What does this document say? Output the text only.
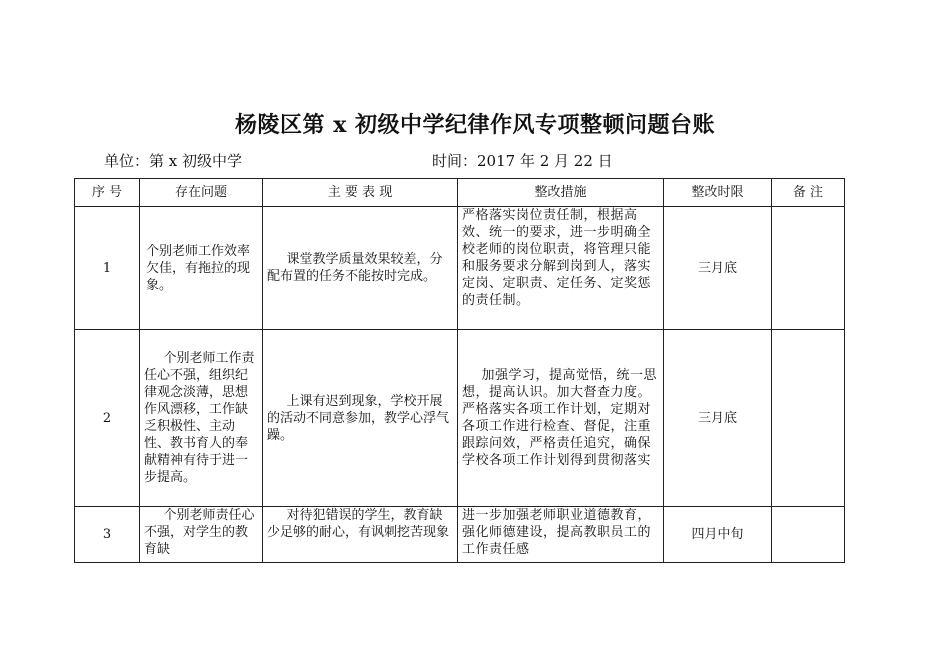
杨陵区第 x 初级中学纪律作风专项整顿问题台账
单位：第 x 初级中学	时间：2017 年 2 月 22 日
序 号	存在问题	主 要 表 现	整改措施	整改时限	备 注
1	个别老师工作效率欠佳，有拖拉的现象。	课堂教学质量效果较差，分配布置的任务不能按时完成。	严格落实岗位责任制，根据高效、统一的要求，进一步明确全校老师的岗位职责，将管理只能和服务要求分解到岗到人，落实定岗、定职责、定任务、定奖惩的责任制。	三月底	
2	个别老师工作责任心不强，组织纪律观念淡薄，思想作风漂移，工作缺乏积极性、主动性、教书育人的奉献精神有待于进一步提高。	上课有迟到现象，学校开展的活动不同意参加，教学心浮气躁。	加强学习，提高觉悟，统一思想，提高认识。加大督查力度。严格落实各项工作计划，定期对各项工作进行检查、督促，注重跟踪问效，严格责任追究，确保学校各项工作计划得到贯彻落实	三月底	
3	个别老师责任心不强，对学生的教育缺	对待犯错误的学生，教育缺少足够的耐心，有讽刺挖苦现象	进一步加强老师职业道德教育，强化师德建设，提高教职员工的工作责任感	四月中旬	
